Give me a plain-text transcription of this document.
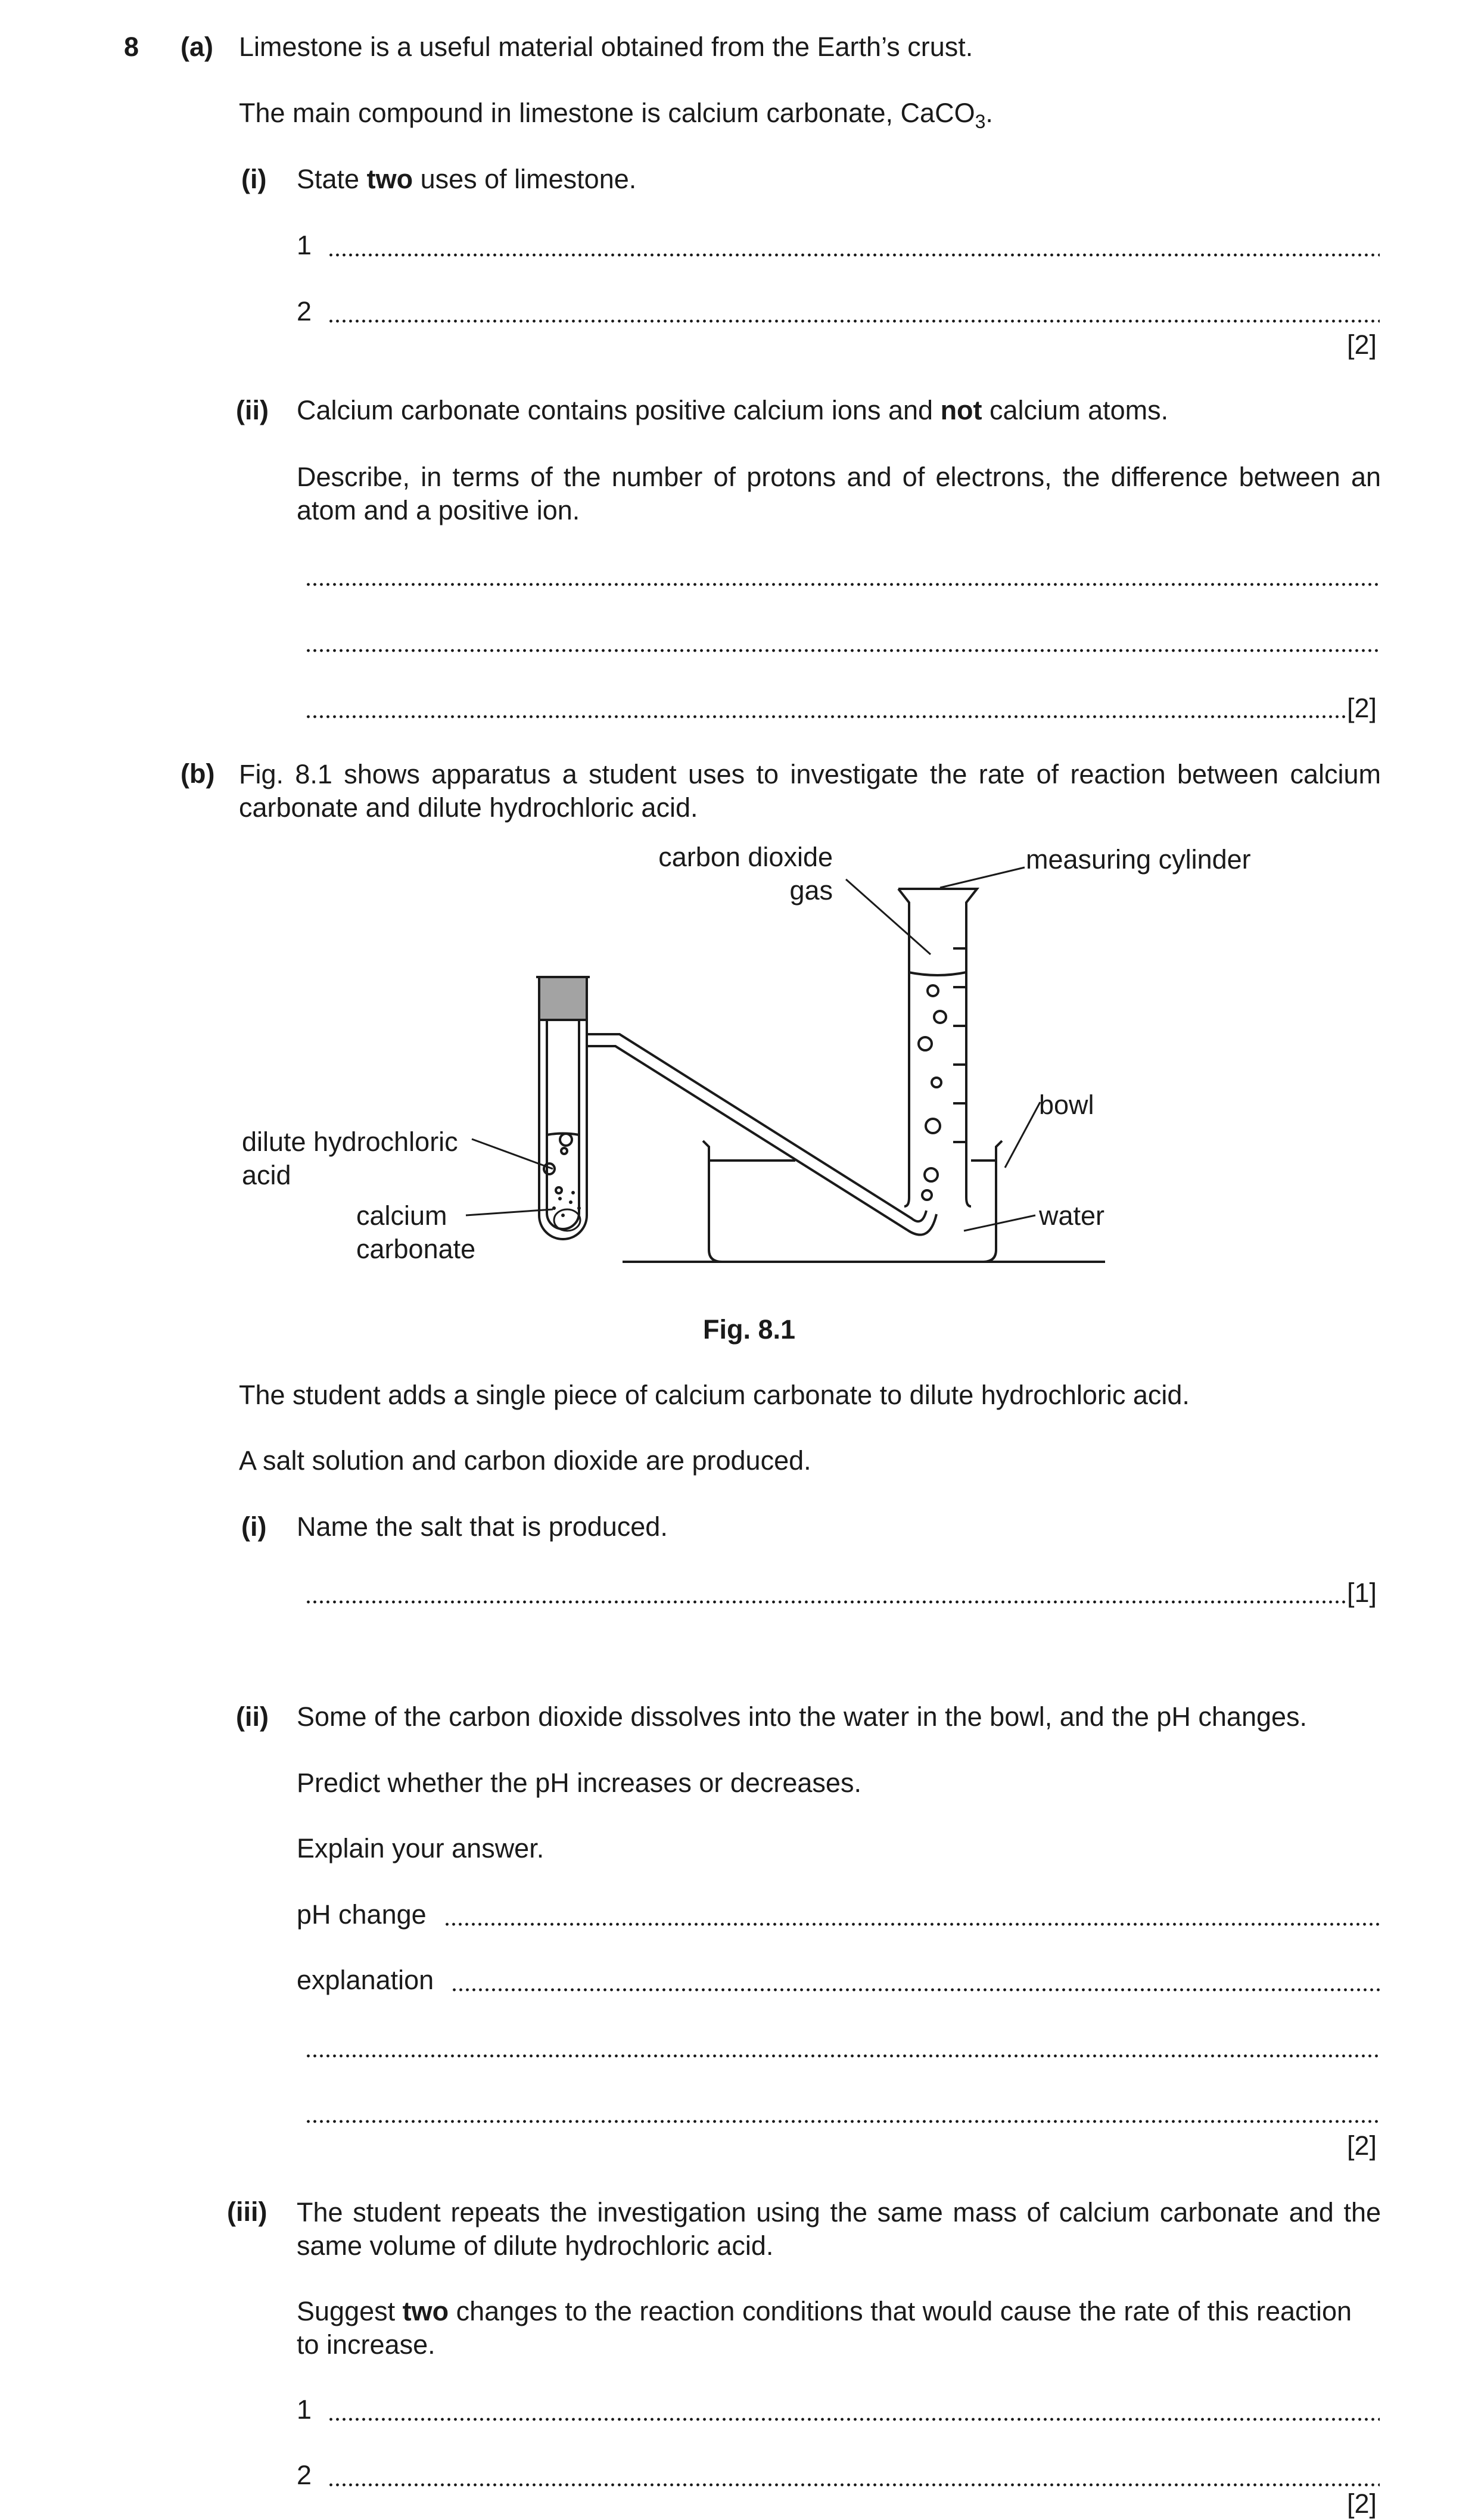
8 (a) Limestone is a useful material obtained from the Earth’s crust.
The main compound in limestone is calcium carbonate, CaCO$_3$.
(i) State two uses of limestone.
1
2
[2]
(ii) Calcium carbonate contains positive calcium ions and not calcium atoms.
Describe, in terms of the number of protons and of electrons, the difference between an atom and a positive ion.
[2]
(b) Fig. 8.1 shows apparatus a student uses to investigate the rate of reaction between calcium carbonate and dilute hydrochloric acid.
carbon dioxide
gas
measuring cylinder
bowl
dilute hydrochloric
acid
calcium
carbonate
water
Fig. 8.1
The student adds a single piece of calcium carbonate to dilute hydrochloric acid.
A salt solution and carbon dioxide are produced.
(i) Name the salt that is produced.
[1]
(ii) Some of the carbon dioxide dissolves into the water in the bowl, and the pH changes.
Predict whether the pH increases or decreases.
Explain your answer.
pH change
explanation
[2]
(iii) The student repeats the investigation using the same mass of calcium carbonate and the same volume of dilute hydrochloric acid.
Suggest two changes to the reaction conditions that would cause the rate of this reaction to increase.
1
2
[2]
